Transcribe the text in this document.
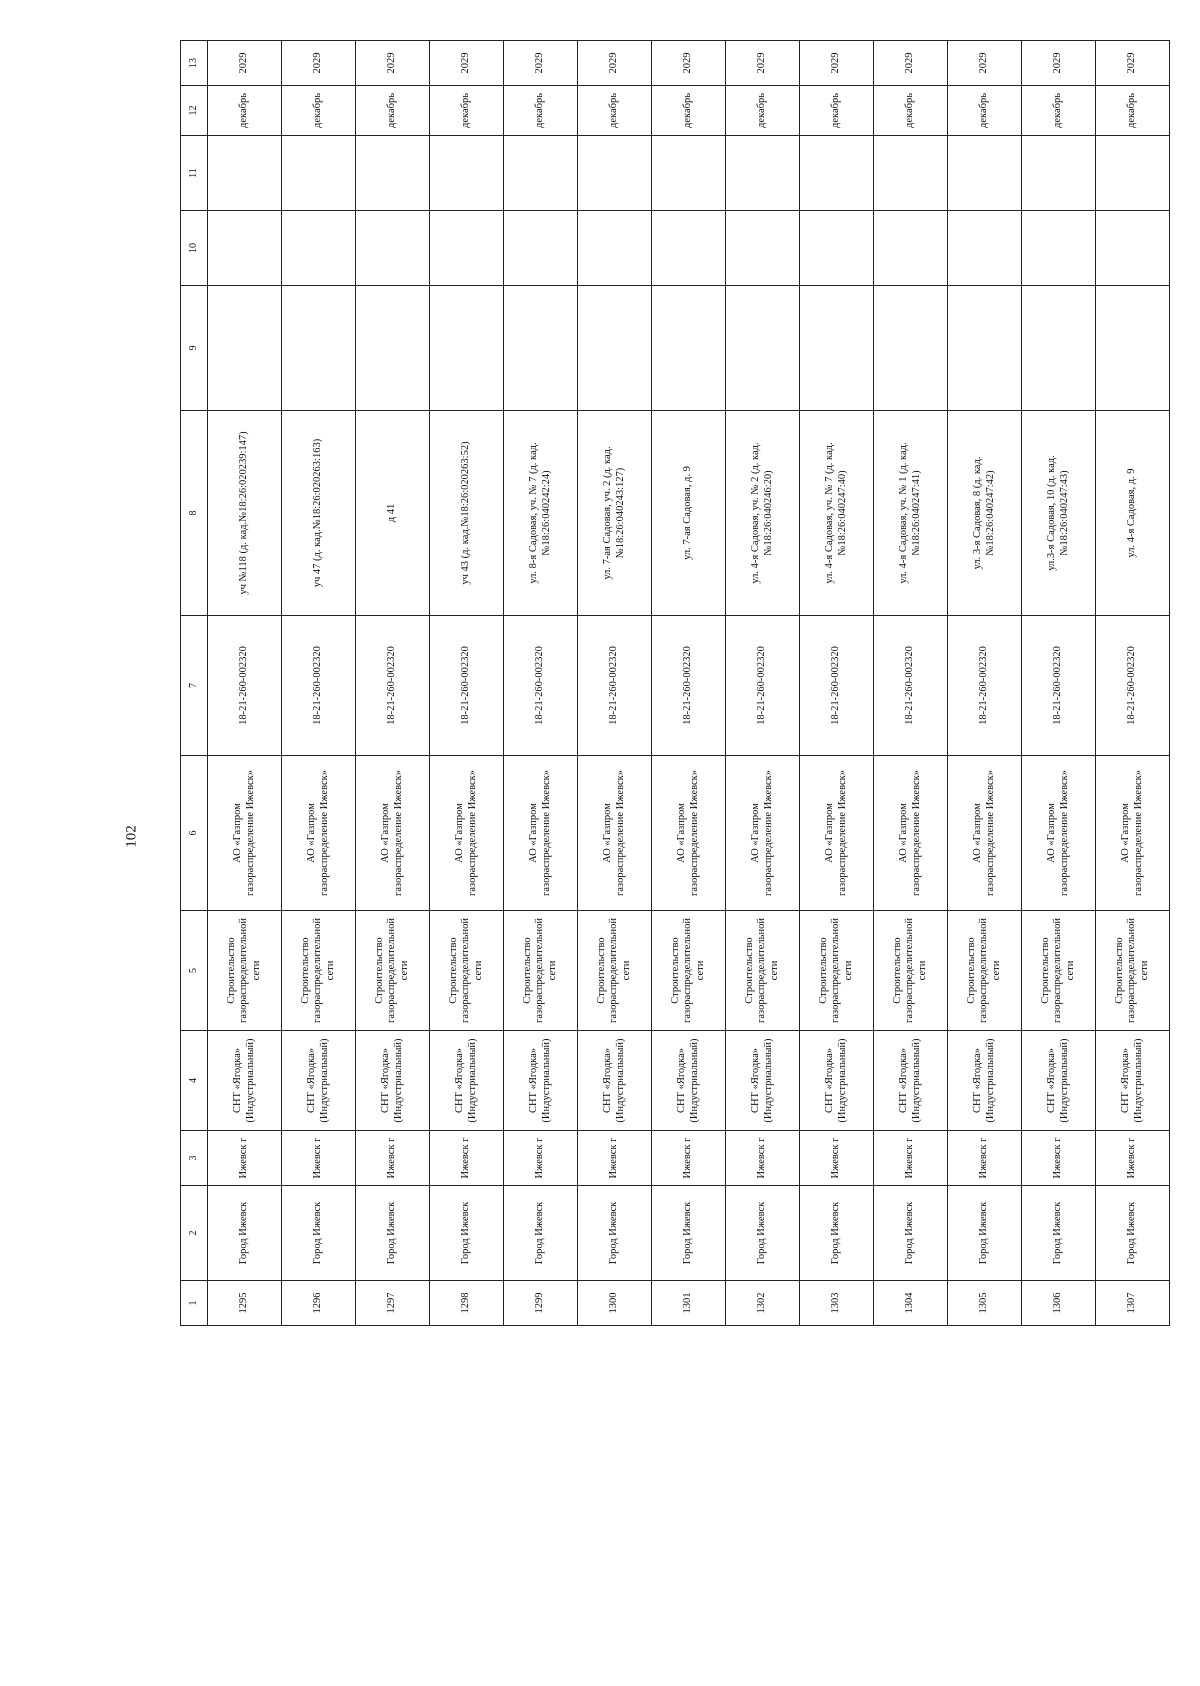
102
1	2	3	4	5	6	7	8	9	10	11	12	13
1295	Город Ижевск	Ижевск г	СНТ «Ягодка» (Индустриальный)	Строительство газораспределительной сети	АО «Газпром газораспределение Ижевск»	18-21-260-002320	уч №118 (д. кад.№18:26:020239:147)				декабрь	2029
1296	Город Ижевск	Ижевск г	СНТ «Ягодка» (Индустриальный)	Строительство газораспределительной сети	АО «Газпром газораспределение Ижевск»	18-21-260-002320	уч 47 (д. кад.№18:26:020263:163)				декабрь	2029
1297	Город Ижевск	Ижевск г	СНТ «Ягодка» (Индустриальный)	Строительство газораспределительной сети	АО «Газпром газораспределение Ижевск»	18-21-260-002320	д 41				декабрь	2029
1298	Город Ижевск	Ижевск г	СНТ «Ягодка» (Индустриальный)	Строительство газораспределительной сети	АО «Газпром газораспределение Ижевск»	18-21-260-002320	уч 43 (д. кад.№18:26:020263:52)				декабрь	2029
1299	Город Ижевск	Ижевск г	СНТ «Ягодка» (Индустриальный)	Строительство газораспределительной сети	АО «Газпром газораспределение Ижевск»	18-21-260-002320	ул. 8-я Садовая, уч. № 7 (д. кад.№18:26:040242:24)				декабрь	2029
1300	Город Ижевск	Ижевск г	СНТ «Ягодка» (Индустриальный)	Строительство газораспределительной сети	АО «Газпром газораспределение Ижевск»	18-21-260-002320	ул. 7-ая Садовая, уч. 2 (д. кад.№18:26:040243:127)				декабрь	2029
1301	Город Ижевск	Ижевск г	СНТ «Ягодка» (Индустриальный)	Строительство газораспределительной сети	АО «Газпром газораспределение Ижевск»	18-21-260-002320	ул. 7-ая Садовая, д. 9				декабрь	2029
1302	Город Ижевск	Ижевск г	СНТ «Ягодка» (Индустриальный)	Строительство газораспределительной сети	АО «Газпром газораспределение Ижевск»	18-21-260-002320	ул. 4-я Садовая, уч. № 2 (д. кад.№18:26:040246:20)				декабрь	2029
1303	Город Ижевск	Ижевск г	СНТ «Ягодка» (Индустриальный)	Строительство газораспределительной сети	АО «Газпром газораспределение Ижевск»	18-21-260-002320	ул. 4-я Садовая, уч. № 7 (д. кад.№18:26:040247:40)				декабрь	2029
1304	Город Ижевск	Ижевск г	СНТ «Ягодка» (Индустриальный)	Строительство газораспределительной сети	АО «Газпром газораспределение Ижевск»	18-21-260-002320	ул. 4-я Садовая, уч. № 1 (д. кад.№18:26:040247:41)				декабрь	2029
1305	Город Ижевск	Ижевск г	СНТ «Ягодка» (Индустриальный)	Строительство газораспределительной сети	АО «Газпром газораспределение Ижевск»	18-21-260-002320	ул. 3-я Садовая, 8 (д. кад.№18:26:040247:42)				декабрь	2029
1306	Город Ижевск	Ижевск г	СНТ «Ягодка» (Индустриальный)	Строительство газораспределительной сети	АО «Газпром газораспределение Ижевск»	18-21-260-002320	ул.3-я Садовая, 10 (д. кад.№18:26:040247:43)				декабрь	2029
1307	Город Ижевск	Ижевск г	СНТ «Ягодка» (Индустриальный)	Строительство газораспределительной сети	АО «Газпром газораспределение Ижевск»	18-21-260-002320	ул. 4-я Садовая, д. 9				декабрь	2029
